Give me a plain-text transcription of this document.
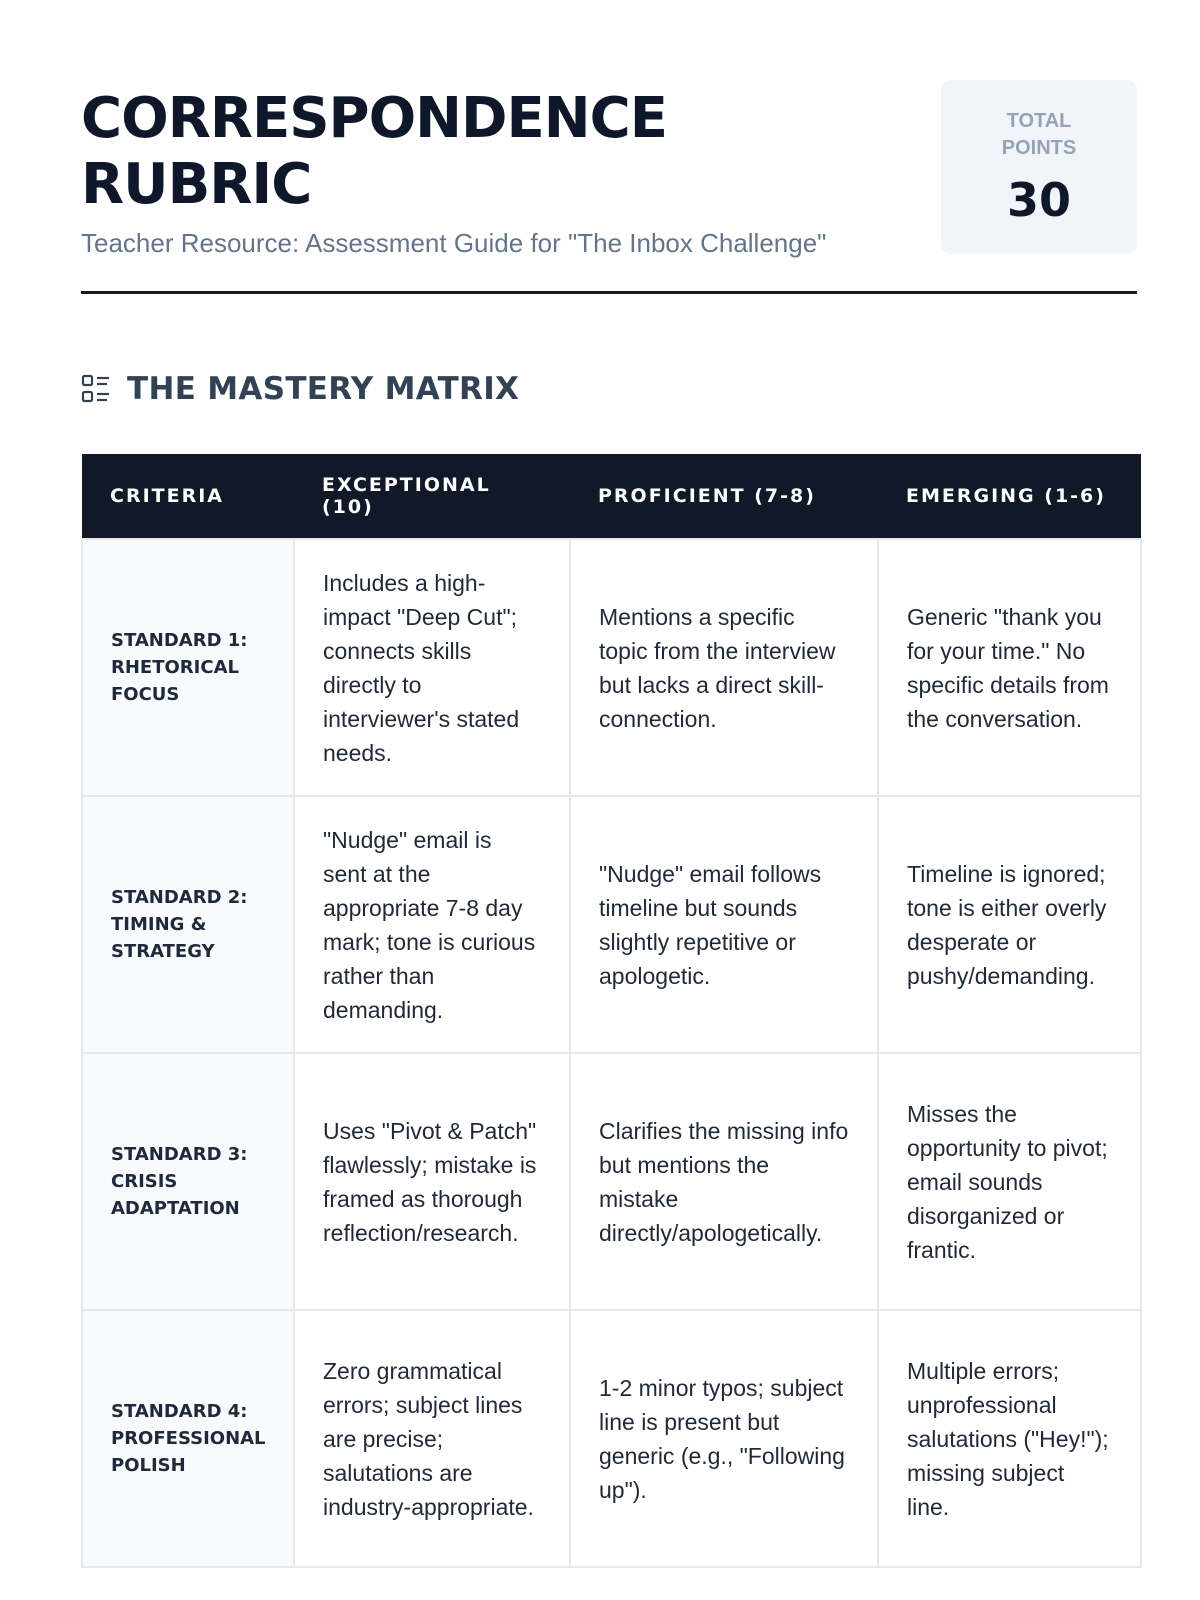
CORRESPONDENCE RUBRIC
Teacher Resource: Assessment Guide for "The Inbox Challenge"
TOTAL POINTS
30
THE MASTERY MATRIX
CRITERIA	EXCEPTIONAL (10)	PROFICIENT (7-8)	EMERGING (1-6)
STANDARD 1: RHETORICAL FOCUS	Includes a high-impact "Deep Cut"; connects skills directly to interviewer's stated needs.	Mentions a specific topic from the interview but lacks a direct skill-connection.	Generic "thank you for your time." No specific details from the conversation.
STANDARD 2: TIMING & STRATEGY	"Nudge" email is sent at the appropriate 7-8 day mark; tone is curious rather than demanding.	"Nudge" email follows timeline but sounds slightly repetitive or apologetic.	Timeline is ignored; tone is either overly desperate or pushy/demanding.
STANDARD 3: CRISIS ADAPTATION	Uses "Pivot & Patch" flawlessly; mistake is framed as thorough reflection/research.	Clarifies the missing info but mentions the mistake directly/apologetically.	Misses the opportunity to pivot; email sounds disorganized or frantic.
STANDARD 4: PROFESSIONAL POLISH	Zero grammatical errors; subject lines are precise; salutations are industry-appropriate.	1-2 minor typos; subject line is present but generic (e.g., "Following up").	Multiple errors; unprofessional salutations ("Hey!"); missing subject line.
